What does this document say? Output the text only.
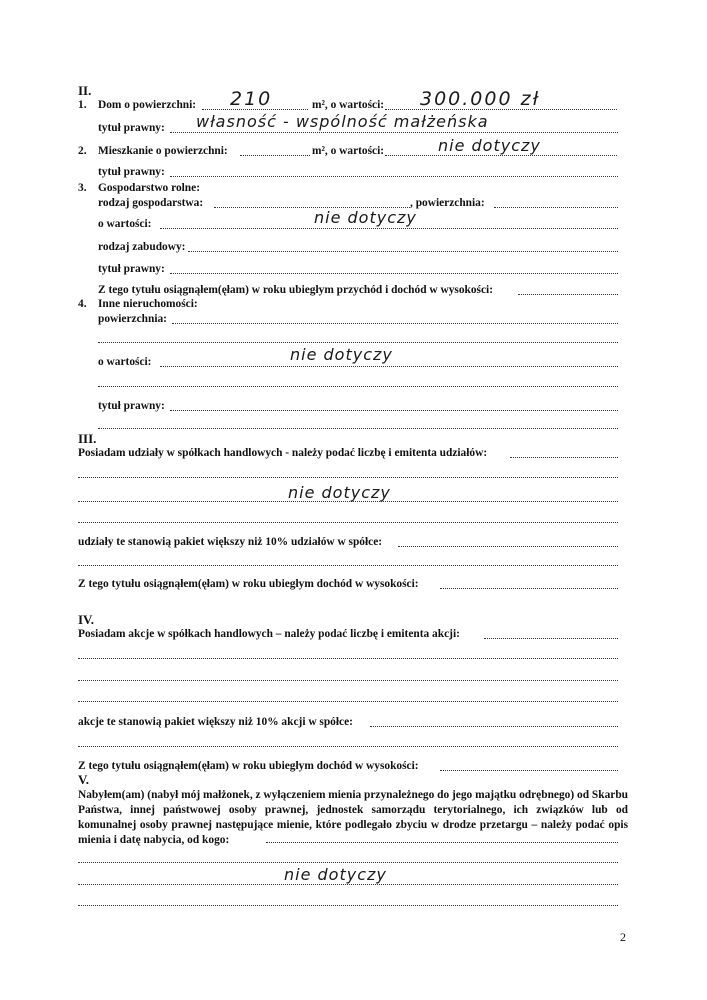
II.
1. Dom o powierzchni: 210	m², o wartości: 300.000 zł
tytuł prawny: własność - wspólność małżeńska
2. Mieszkanie o powierzchni:	m², o wartości:	nie dotyczy
tytuł prawny:
3. Gospodarstwo rolne:
rodzaj gospodarstwa:	, powierzchnia:
o wartości:	nie dotyczy
rodzaj zabudowy:
tytuł prawny:
Z tego tytułu osiągnąłem(ęłam) w roku ubiegłym przychód i dochód w wysokości:
4. Inne nieruchomości:
powierzchnia:
o wartości:	nie dotyczy
tytuł prawny:
III.
Posiadam udziały w spółkach handlowych - należy podać liczbę i emitenta udziałów:
nie dotyczy
udziały te stanowią pakiet większy niż 10% udziałów w spółce:
Z tego tytułu osiągnąłem(ęłam) w roku ubiegłym dochód w wysokości:
IV.
Posiadam akcje w spółkach handlowych – należy podać liczbę i emitenta akcji:
akcje te stanowią pakiet większy niż 10% akcji w spółce:
Z tego tytułu osiągnąłem(ęłam) w roku ubiegłym dochód w wysokości:
V.
Nabyłem(am) (nabył mój małżonek, z wyłączeniem mienia przynależnego do jego majątku odrębnego) od Skarbu Państwa, innej państwowej osoby prawnej, jednostek samorządu terytorialnego, ich związków lub od komunalnej osoby prawnej następujące mienie, które podlegało zbyciu w drodze przetargu – należy podać opis mienia i datę nabycia, od kogo:
nie dotyczy
2
